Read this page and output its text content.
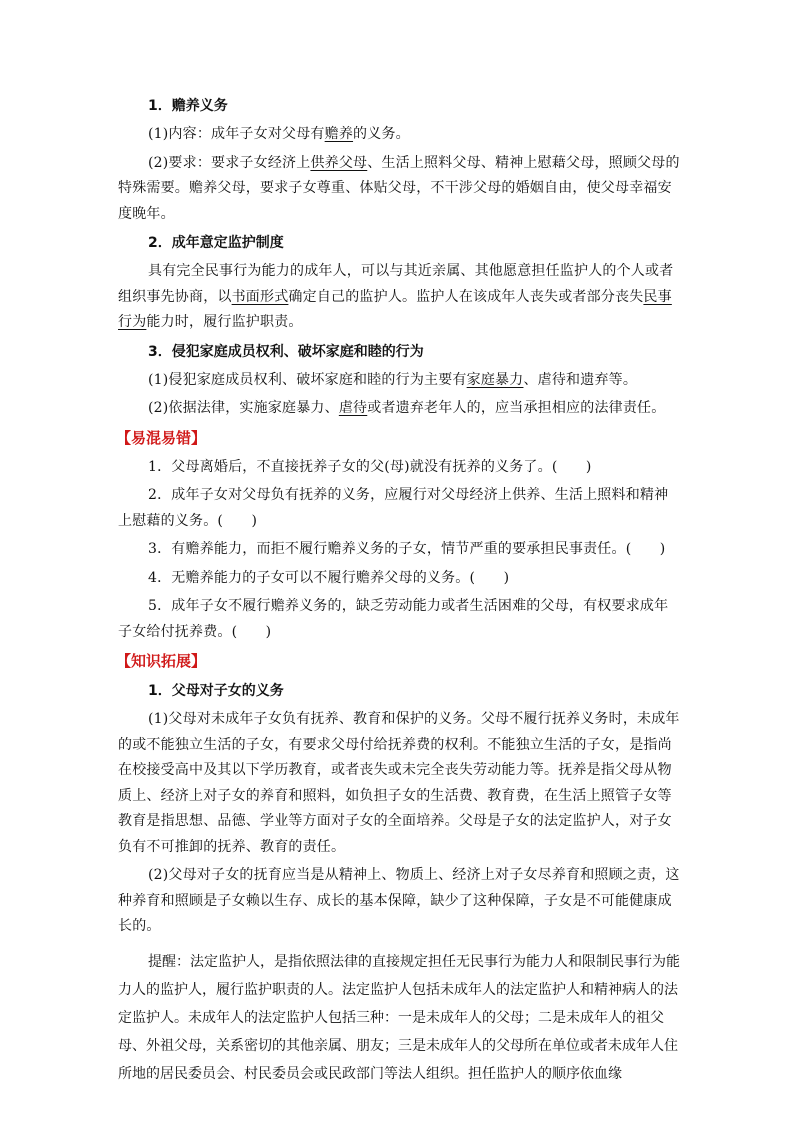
1．赡养义务

(1)内容：成年子女对父母有赡养的义务。

(2)要求：要求子女经济上供养父母、生活上照料父母、精神上慰藉父母，照顾父母的特殊需要。赡养父母，要求子女尊重、体贴父母，不干涉父母的婚姻自由，使父母幸福安度晚年。

2．成年意定监护制度

具有完全民事行为能力的成年人，可以与其近亲属、其他愿意担任监护人的个人或者组织事先协商，以书面形式确定自己的监护人。监护人在该成年人丧失或者部分丧失民事行为能力时，履行监护职责。

3．侵犯家庭成员权利、破坏家庭和睦的行为

(1)侵犯家庭成员权利、破坏家庭和睦的行为主要有家庭暴力、虐待和遗弃等。

(2)依据法律，实施家庭暴力、虐待或者遗弃老年人的，应当承担相应的法律责任。

【易混易错】

1．父母离婚后，不直接抚养子女的父(母)就没有抚养的义务了。(　　)

2．成年子女对父母负有抚养的义务，应履行对父母经济上供养、生活上照料和精神上慰藉的义务。(　　)

3．有赡养能力，而拒不履行赡养义务的子女，情节严重的要承担民事责任。(　　)

4．无赡养能力的子女可以不履行赡养父母的义务。(　　)

5．成年子女不履行赡养义务的，缺乏劳动能力或者生活困难的父母，有权要求成年子女给付抚养费。(　　)

【知识拓展】

1．父母对子女的义务

(1)父母对未成年子女负有抚养、教育和保护的义务。父母不履行抚养义务时，未成年的或不能独立生活的子女，有要求父母付给抚养费的权利。不能独立生活的子女，是指尚在校接受高中及其以下学历教育，或者丧失或未完全丧失劳动能力等。抚养是指父母从物质上、经济上对子女的养育和照料，如负担子女的生活费、教育费，在生活上照管子女等教育是指思想、品德、学业等方面对子女的全面培养。父母是子女的法定监护人，对子女负有不可推卸的抚养、教育的责任。

(2)父母对子女的抚育应当是从精神上、物质上、经济上对子女尽养育和照顾之责，这种养育和照顾是子女赖以生存、成长的基本保障，缺少了这种保障，子女是不可能健康成长的。

提醒：法定监护人，是指依照法律的直接规定担任无民事行为能力人和限制民事行为能力人的监护人，履行监护职责的人。法定监护人包括未成年人的法定监护人和精神病人的法定监护人。未成年人的法定监护人包括三种：一是未成年人的父母；二是未成年人的祖父母、外祖父母，关系密切的其他亲属、朋友；三是未成年人的父母所在单位或者未成年人住所地的居民委员会、村民委员会或民政部门等法人组织。担任监护人的顺序依血缘
